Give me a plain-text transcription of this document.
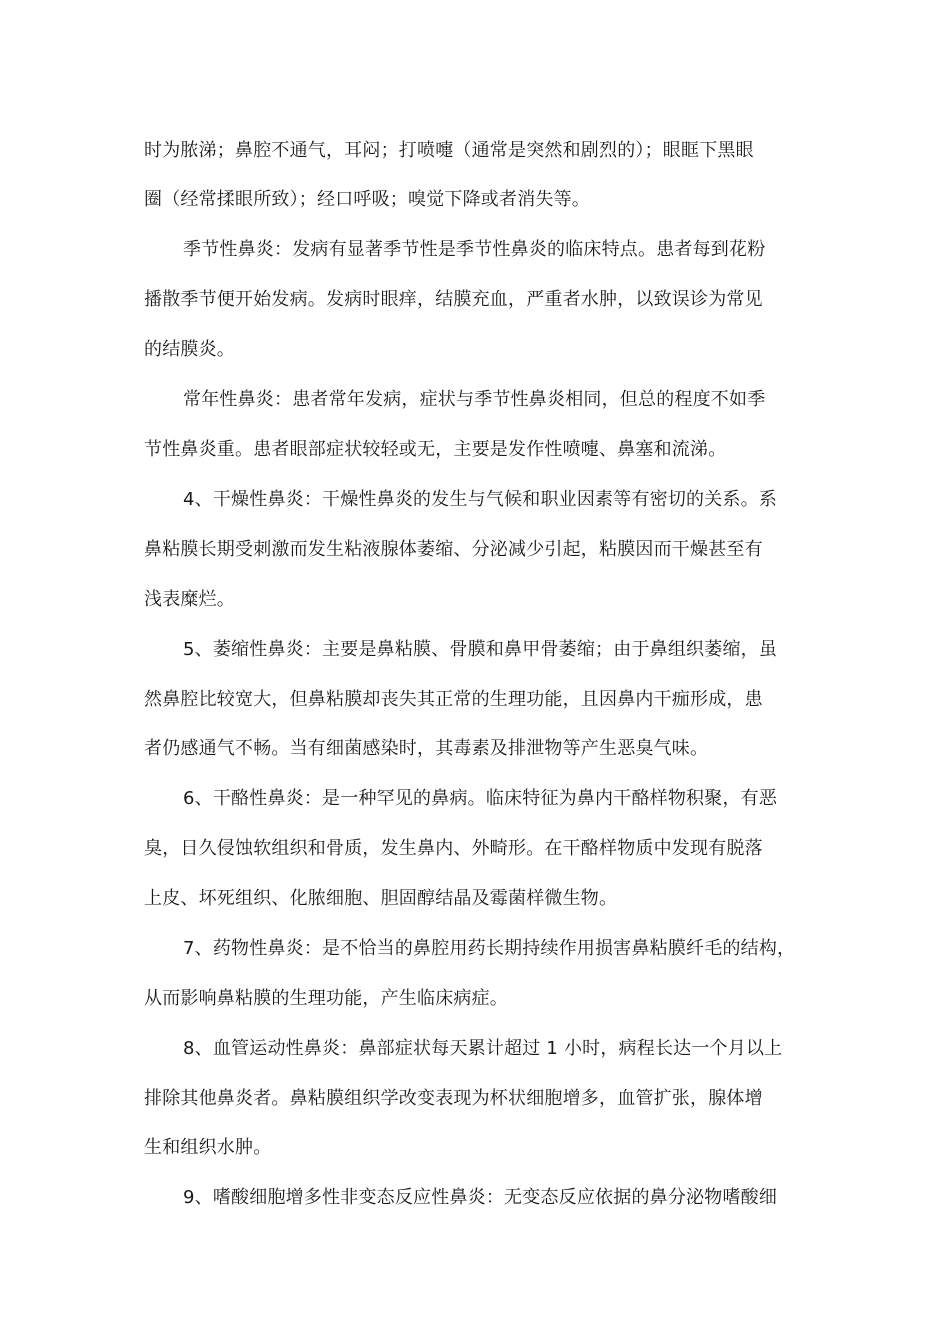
时为脓涕；鼻腔不通气，耳闷；打喷嚏（通常是突然和剧烈的）；眼眶下黑眼
圈（经常揉眼所致）；经口呼吸；嗅觉下降或者消失等。
季节性鼻炎：发病有显著季节性是季节性鼻炎的临床特点。患者每到花粉
播散季节便开始发病。发病时眼痒，结膜充血，严重者水肿，以致误诊为常见
的结膜炎。
常年性鼻炎：患者常年发病，症状与季节性鼻炎相同，但总的程度不如季
节性鼻炎重。患者眼部症状较轻或无，主要是发作性喷嚏、鼻塞和流涕。
4、干燥性鼻炎：干燥性鼻炎的发生与气候和职业因素等有密切的关系。系
鼻粘膜长期受刺激而发生粘液腺体萎缩、分泌减少引起，粘膜因而干燥甚至有
浅表糜烂。
5、萎缩性鼻炎：主要是鼻粘膜、骨膜和鼻甲骨萎缩；由于鼻组织萎缩，虽
然鼻腔比较宽大，但鼻粘膜却丧失其正常的生理功能，且因鼻内干痂形成，患
者仍感通气不畅。当有细菌感染时，其毒素及排泄物等产生恶臭气味。
6、干酪性鼻炎：是一种罕见的鼻病。临床特征为鼻内干酪样物积聚，有恶
臭，日久侵蚀软组织和骨质，发生鼻内、外畸形。在干酪样物质中发现有脱落
上皮、坏死组织、化脓细胞、胆固醇结晶及霉菌样微生物。
7、药物性鼻炎：是不恰当的鼻腔用药长期持续作用损害鼻粘膜纤毛的结构，
从而影响鼻粘膜的生理功能，产生临床病症。
8、血管运动性鼻炎：鼻部症状每天累计超过 1 小时，病程长达一个月以上
排除其他鼻炎者。鼻粘膜组织学改变表现为杯状细胞增多，血管扩张，腺体增
生和组织水肿。
9、嗜酸细胞增多性非变态反应性鼻炎：无变态反应依据的鼻分泌物嗜酸细
